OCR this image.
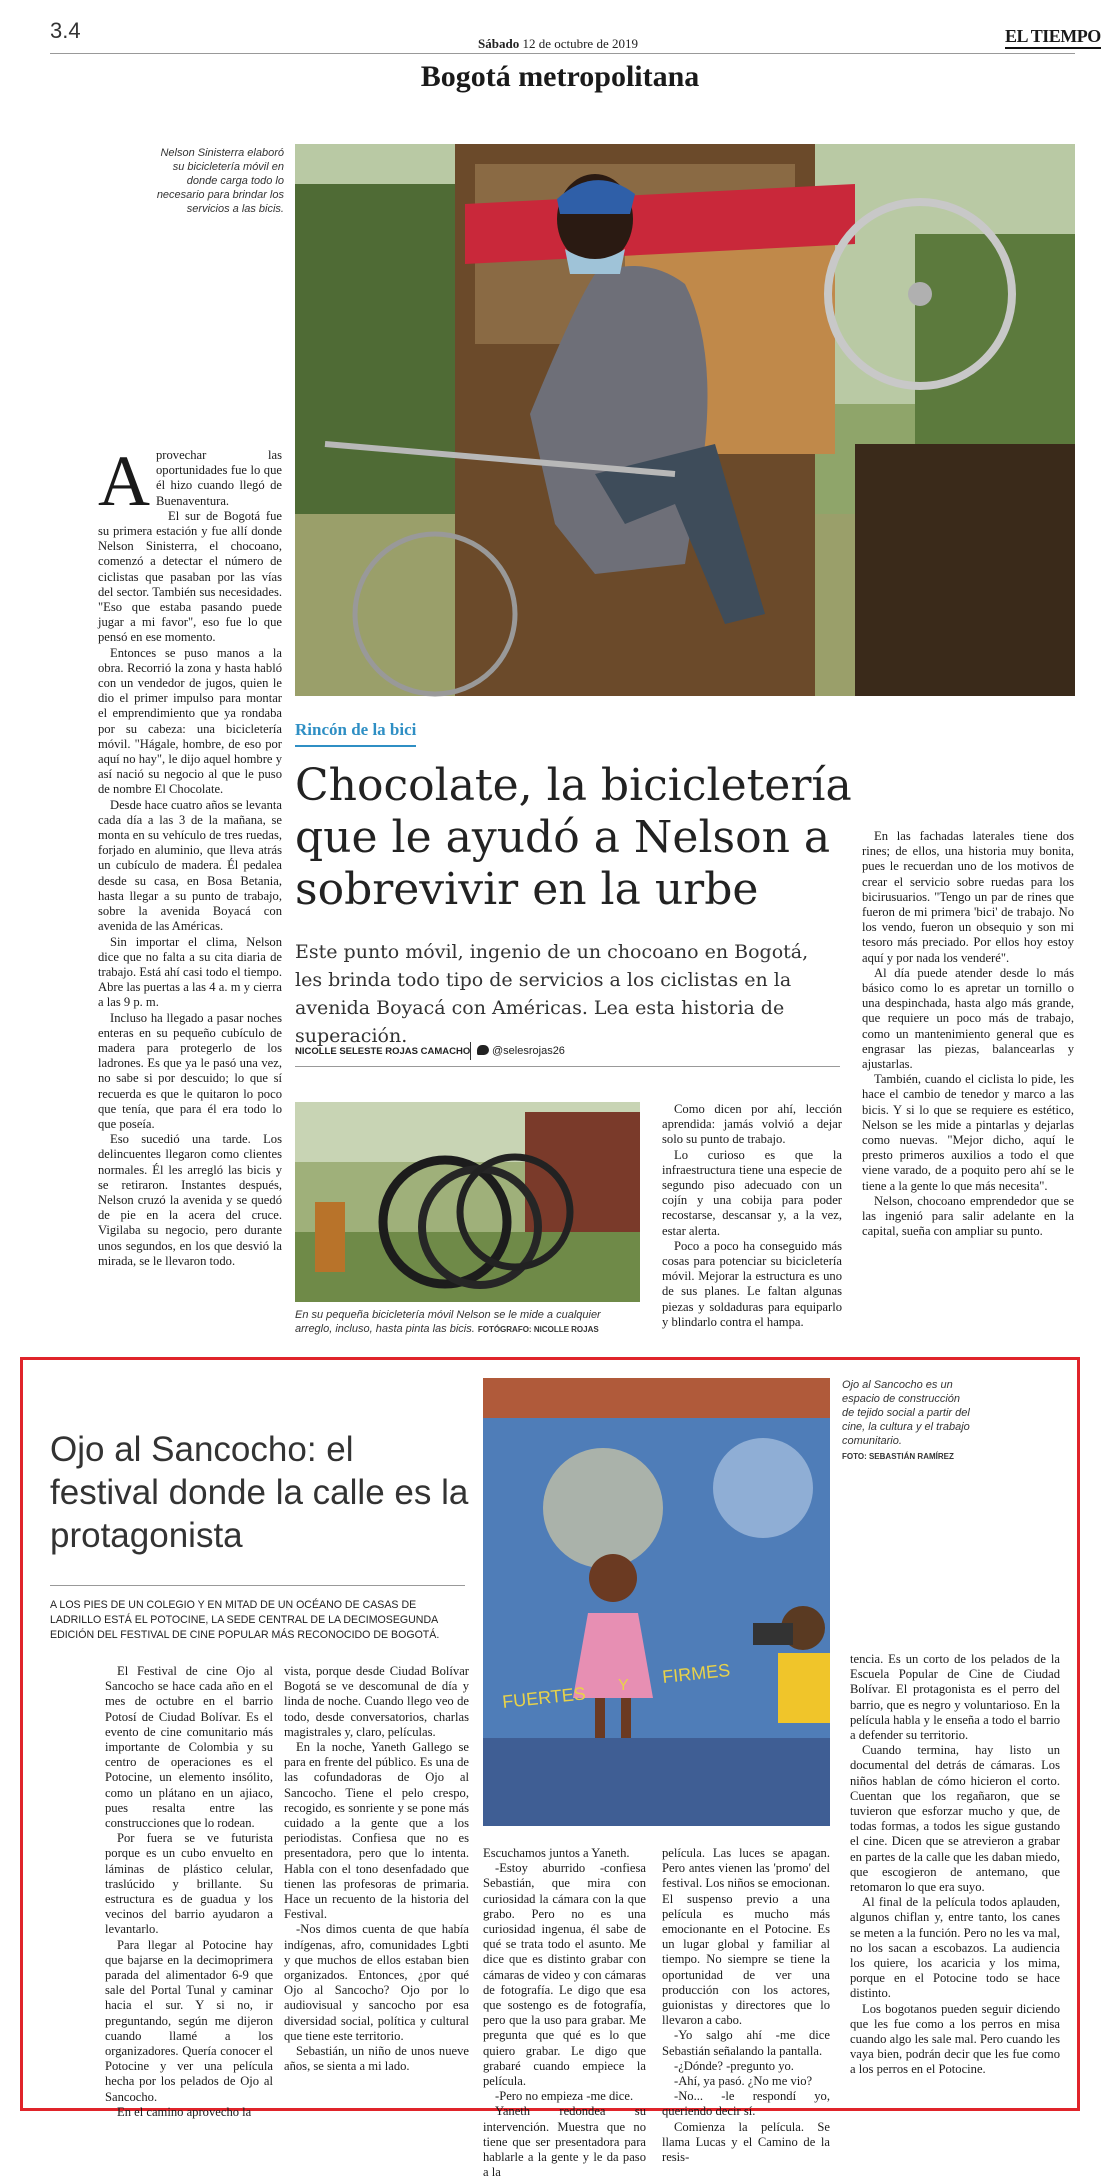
3.4
Sábado 12 de octubre de 2019	EL TIEMPO
Bogotá metropolitana
Nelson Sinisterra elaboró su bicicletería móvil en donde carga todo lo necesario para brindar los servicios a las bicis.
A provechar las oportunidades fue lo que él hizo cuando llegó de Buenaventura.

El sur de Bogotá fue su primera estación y fue allí donde Nelson Sinisterra, el chocoano, comenzó a detectar el número de ciclistas que pasaban por las vías del sector. También sus necesidades. "Eso que estaba pasando puede jugar a mi favor", eso fue lo que pensó en ese momento.

Entonces se puso manos a la obra. Recorrió la zona y hasta habló con un vendedor de jugos, quien le dio el primer impulso para montar el emprendimiento que ya rondaba por su cabeza: una bicicletería móvil. "Hágale, hombre, de eso por aquí no hay", le dijo aquel hombre y así nació su negocio al que le puso de nombre El Chocolate.

Desde hace cuatro años se levanta cada día a las 3 de la mañana, se monta en su vehículo de tres ruedas, forjado en aluminio, que lleva atrás un cubículo de madera. Él pedalea desde su casa, en Bosa Betania, hasta llegar a su punto de trabajo, sobre la avenida Boyacá con avenida de las Américas.

Sin importar el clima, Nelson dice que no falta a su cita diaria de trabajo. Está ahí casi todo el tiempo. Abre las puertas a las 4 a. m y cierra a las 9 p. m.

Incluso ha llegado a pasar noches enteras en su pequeño cubículo de madera para protegerlo de los ladrones. Es que ya le pasó una vez, no sabe si por descuido; lo que sí recuerda es que le quitaron lo poco que tenía, que para él era todo lo que poseía.

Eso sucedió una tarde. Los delincuentes llegaron como clientes normales. Él les arregló las bicis y se retiraron. Instantes después, Nelson cruzó la avenida y se quedó de pie en la acera del cruce. Vigilaba su negocio, pero durante unos segundos, en los que desvió la mirada, se le llevaron todo.

Rincón de la bici
Chocolate, la bicicletería que le ayudó a Nelson a sobrevivir en la urbe
Este punto móvil, ingenio de un chocoano en Bogotá, les brinda todo tipo de servicios a los ciclistas en la avenida Boyacá con Américas. Lea esta historia de superación.
NICOLLE SELESTE ROJAS CAMACHO	@selesrojas26
En su pequeña bicicletería móvil Nelson se le mide a cualquier arreglo, incluso, hasta pinta las bicis. FOTÓGRAFO: NICOLLE ROJAS

Como dicen por ahí, lección aprendida: jamás volvió a dejar solo su punto de trabajo.

Lo curioso es que la infraestructura tiene una especie de segundo piso adecuado con un cojín y una cobija para poder recostarse, descansar y, a la vez, estar alerta.

Poco a poco ha conseguido más cosas para potenciar su bicicletería móvil. Mejorar la estructura es uno de sus planes. Le faltan algunas piezas y soldaduras para equiparlo y blindarlo contra el hampa.

En las fachadas laterales tiene dos rines; de ellos, una historia muy bonita, pues le recuerdan uno de los motivos de crear el servicio sobre ruedas para los bicirusuarios. "Tengo un par de rines que fueron de mi primera 'bici' de trabajo. No los vendo, fueron un obsequio y son mi tesoro más preciado. Por ellos hoy estoy aquí y por nada los venderé".

Al día puede atender desde lo más básico como lo es apretar un tornillo o una despinchada, hasta algo más grande, que requiere un poco más de trabajo, como un mantenimiento general que es engrasar las piezas, balancearlas y ajustarlas.

También, cuando el ciclista lo pide, les hace el cambio de tenedor y marco a las bicis. Y si lo que se requiere es estético, Nelson se les mide a pintarlas y dejarlas como nuevas. "Mejor dicho, aquí le presto primeros auxilios a todo el que viene varado, de a poquito pero ahí se le tiene a la gente lo que más necesita".

Nelson, chocoano emprendedor que se las ingenió para salir adelante en la capital, sueña con ampliar su punto.

Ojo al Sancocho: el festival donde la calle es la protagonista
A LOS PIES DE UN COLEGIO Y EN MITAD DE UN OCÉANO DE CASAS DE LADRILLO ESTÁ EL POTOCINE, LA SEDE CENTRAL DE LA DECIMOSEGUNDA EDICIÓN DEL FESTIVAL DE CINE POPULAR MÁS RECONOCIDO DE BOGOTÁ.
FUERTES Y FIRMES
Ojo al Sancocho es un espacio de construcción de tejido social a partir del cine, la cultura y el trabajo comunitario.
FOTO: SEBASTIÁN RAMÍREZ

El Festival de cine Ojo al Sancocho se hace cada año en el mes de octubre en el barrio Potosí de Ciudad Bolívar. Es el evento de cine comunitario más importante de Colombia y su centro de operaciones es el Potocine, un elemento insólito, como un plátano en un ajiaco, pues resalta entre las construcciones que lo rodean.

Por fuera se ve futurista porque es un cubo envuelto en láminas de plástico celular, traslúcido y brillante. Su estructura es de guadua y los vecinos del barrio ayudaron a levantarlo.

Para llegar al Potocine hay que bajarse en la decimoprimera parada del alimentador 6-9 que sale del Portal Tunal y caminar hacia el sur. Y si no, ir preguntando, según me dijeron cuando llamé a los organizadores. Quería conocer el Potocine y ver una película hecha por los pelados de Ojo al Sancocho.

En el camino aprovecho la

vista, porque desde Ciudad Bolívar Bogotá se ve descomunal de día y linda de noche. Cuando llego veo de todo, desde conversatorios, charlas magistrales y, claro, películas.

En la noche, Yaneth Gallego se para en frente del público. Es una de las cofundadoras de Ojo al Sancocho. Tiene el pelo crespo, recogido, es sonriente y se pone más cuidado a la gente que a los periodistas. Confiesa que no es presentadora, pero que lo intenta. Habla con el tono desenfadado que tienen las profesoras de primaria. Hace un recuento de la historia del Festival.

-Nos dimos cuenta de que había indígenas, afro, comunidades Lgbti y que muchos de ellos estaban bien organizados. Entonces, ¿por qué Ojo al Sancocho? Ojo por lo audiovisual y sancocho por esa diversidad social, política y cultural que tiene este territorio.

Sebastián, un niño de unos nueve años, se sienta a mi lado.

Escuchamos juntos a Yaneth.

-Estoy aburrido -confiesa Sebastián, que mira con curiosidad la cámara con la que grabo. Pero no es una curiosidad ingenua, él sabe de qué se trata todo el asunto. Me dice que es distinto grabar con cámaras de video y con cámaras de fotografía. Le digo que esa que sostengo es de fotografía, pero que la uso para grabar. Me pregunta que qué es lo que quiero grabar. Le digo que grabaré cuando empiece la película.

-Pero no empieza -me dice.

Yaneth redondea su intervención. Muestra que no tiene que ser presentadora para hablarle a la gente y le da paso a la

película. Las luces se apagan. Pero antes vienen las 'promo' del festival. Los niños se emocionan. El suspenso previo a una película es mucho más emocionante en el Potocine. Es un lugar global y familiar al tiempo. No siempre se tiene la oportunidad de ver una producción con los actores, guionistas y directores que lo llevaron a cabo.

-Yo salgo ahí -me dice Sebastián señalando la pantalla.

-¿Dónde? -pregunto yo.

-Ahí, ya pasó. ¿No me vio?

-No... -le respondí yo, queriendo decir sí.

Comienza la película. Se llama Lucas y el Camino de la resis-

tencia. Es un corto de los pelados de la Escuela Popular de Cine de Ciudad Bolívar. El protagonista es el perro del barrio, que es negro y voluntarioso. En la película habla y le enseña a todo el barrio a defender su territorio.

Cuando termina, hay listo un documental del detrás de cámaras. Los niños hablan de cómo hicieron el corto. Cuentan que los regañaron, que se tuvieron que esforzar mucho y que, de todas formas, a todos les sigue gustando el cine. Dicen que se atrevieron a grabar en partes de la calle que les daban miedo, que escogieron de antemano, que retomaron lo que era suyo.

Al final de la película todos aplauden, algunos chiflan y, entre tanto, los canes se meten a la función. Pero no les va mal, no los sacan a escobazos. La audiencia los quiere, los acaricia y los mima, porque en el Potocine todo se hace distinto.

Los bogotanos pueden seguir diciendo que les fue como a los perros en misa cuando algo les sale mal. Pero cuando les vaya bien, podrán decir que les fue como a los perros en el Potocine.
